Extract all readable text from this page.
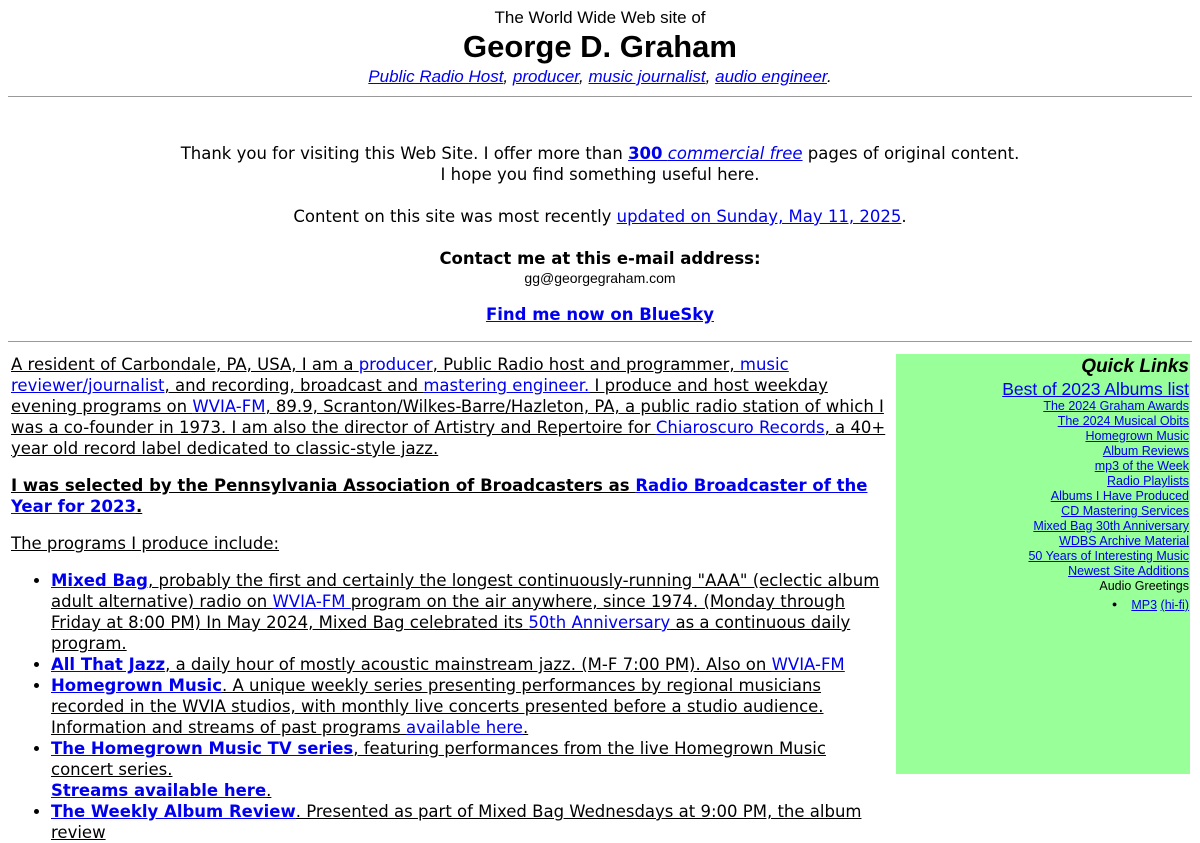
The World Wide Web site of
George D. Graham
Public Radio Host, producer, music journalist, audio engineer.

Thank you for visiting this Web Site. I offer more than 300 commercial free pages of original content.

I hope you find something useful here.

Content on this site was most recently updated on Sunday, May 11, 2025.

Contact me at this e-mail address:

gg@georgegraham.com

Find me now on BlueSky

A resident of Carbondale, PA, USA, I am a producer, Public Radio host and programmer, music reviewer/journalist, and recording, broadcast and mastering engineer. I produce and host weekday evening programs on WVIA-FM, 89.9, Scranton/Wilkes-Barre/Hazleton, PA, a public radio station of which I was a co-founder in 1973. I am also the director of Artistry and Repertoire for Chiaroscuro Records, a 40+ year old record label dedicated to classic-style jazz.

I was selected by the Pennsylvania Association of Broadcasters as Radio Broadcaster of the Year for 2023.

The programs I produce include:

• Mixed Bag, probably the first and certainly the longest continuously-running "AAA" (eclectic album adult alternative) radio on WVIA-FM program on the air anywhere, since 1974. (Monday through Friday at 8:00 PM) In May 2024, Mixed Bag celebrated its 50th Anniversary as a continuous daily program.
• All That Jazz, a daily hour of mostly acoustic mainstream jazz. (M-F 7:00 PM). Also on WVIA-FM
• Homegrown Music. A unique weekly series presenting performances by regional musicians recorded in the WVIA studios, with monthly live concerts presented before a studio audience.
Information and streams of past programs available here.
• The Homegrown Music TV series, featuring performances from the live Homegrown Music concert series.
Streams available here.
• The Weekly Album Review. Presented as part of Mixed Bag Wednesdays at 9:00 PM, the album review
Quick Links
Best of 2023 Albums list
The 2024 Graham Awards
The 2024 Musical Obits
Homegrown Music
Album Reviews
mp3 of the Week
Radio Playlists
Albums I Have Produced
CD Mastering Services
Mixed Bag 30th Anniversary
WDBS Archive Material
50 Years of Interesting Music
Newest Site Additions
Audio Greetings
● MP3 (hi-fi)
